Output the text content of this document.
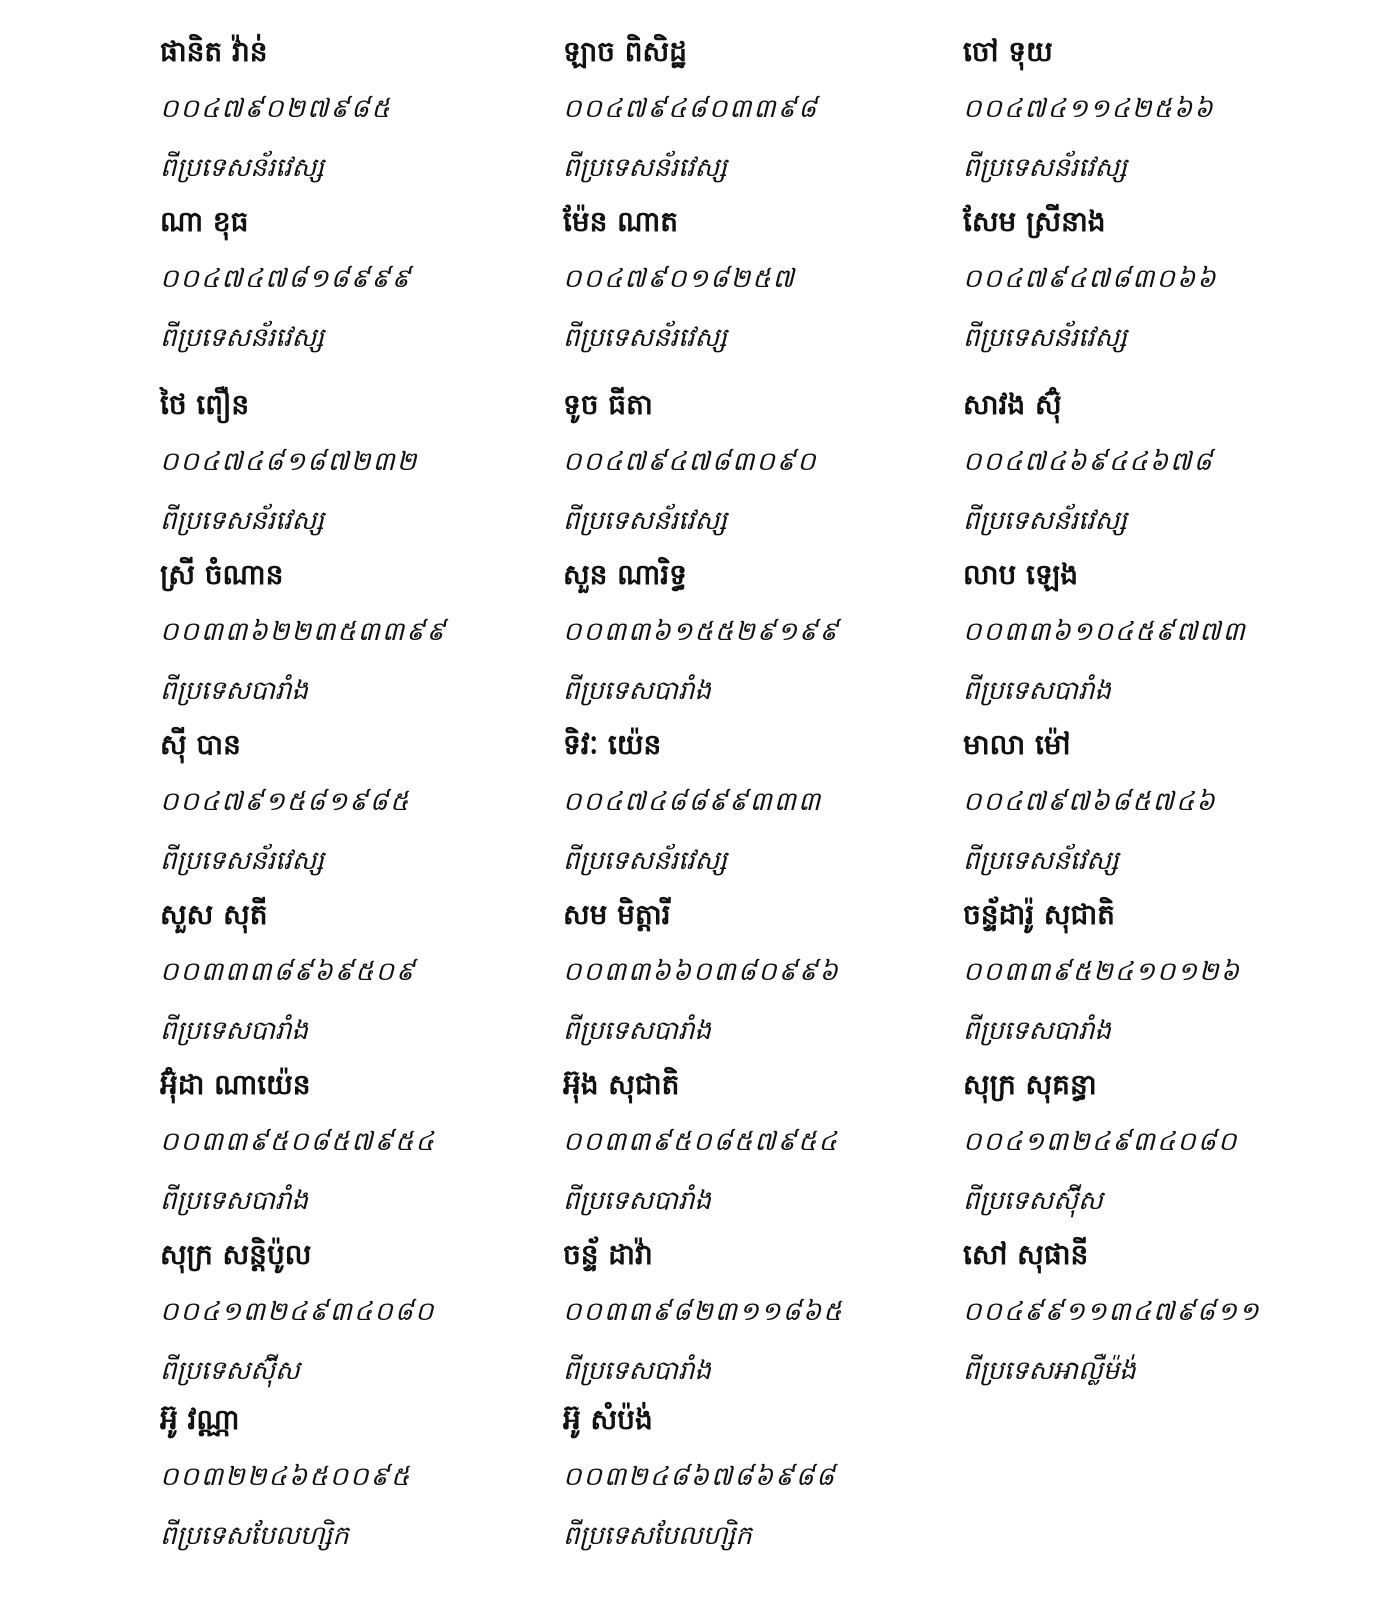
ផានិត វ៉ាន់
០០៤៧៩០២៧៩៨៥
ពីប្រទេសន័រវេស្ស
ឡាច ពិសិដ្ឋ
០០៤៧៩៤៨០៣៣៩៨
ពីប្រទេសន័រវេស្ស
ចៅ ទុយ
០០៤៧៤១១៤២៥៦៦
ពីប្រទេសន័រវេស្ស
ណា ខុធ
០០៤៧៤៧៨១៨៩៩៩
ពីប្រទេសន័រវេស្ស
ម៉ែន ណាត
០០៤៧៩០១៨២៥៧
ពីប្រទេសន័រវេស្ស
សែម ស្រីនាង
០០៤៧៩៤៧៨៣០៦៦
ពីប្រទេសន័រវេស្ស
ថៃ ពឿន
០០៤៧៤៨១៨៧២៣២
ពីប្រទេសន័រវេស្ស
ទូច ធីតា
០០៤៧៩៤៧៨៣០៩០
ពីប្រទេសន័រវេស្ស
សាវង ស៊ុំ
០០៤៧៤៦៩៤៤៦៧៨
ពីប្រទេសន័រវេស្ស
ស្រី ចំណាន
០០៣៣៦២២៣៥៣៣៩៩
ពីប្រទេសបារាំង
សួន ណារិទ្ធ
០០៣៣៦១៥៥២៩១៩៩
ពីប្រទេសបារាំង
លាប ឡេង
០០៣៣៦១០៤៥៩៧៧៣
ពីប្រទេសបារាំង
ស៊ី បាន
០០៤៧៩១៥៨១៩៨៥
ពីប្រទេសន័រវេស្ស
ទិវៈ យ៉េន
០០៤៧៤៨៨៩៩៣៣៣
ពីប្រទេសន័រវេស្ស
មាលា ម៉ៅ
០០៤៧៩៧៦៨៥៧៤៦
ពីប្រទេសន័វេស្ស
សួស សុតី
០០៣៣៣៨៩៦៩៥០៩
ពីប្រទេសបារាំង
សម មិត្តារី
០០៣៣៦៦០៣៨០៩៩៦
ពីប្រទេសបារាំង
ចន្ទ័ដារ៉ូ សុជាតិ
០០៣៣៩៥២៤១០១២៦
ពីប្រទេសបារាំង
អ៊ុំដា ណាយ៉េន
០០៣៣៩៥០៨៥៧៩៥៤
ពីប្រទេសបារាំង
អ៊ុង សុជាតិ
០០៣៣៩៥០៨៥៧៩៥៤
ពីប្រទេសបារាំង
សុក្រ សុគន្ធា
០០៤១៣២៤៩៣៤០៨០
ពីប្រទេសស៊ុីស
សុក្រ សន្តិប៉ូល
០០៤១៣២៤៩៣៤០៨០
ពីប្រទេសស៊ុីស
ចន្ទ័ ដាវ៉ា
០០៣៣៩៨២៣១១៨៦៥
ពីប្រទេសបារាំង
សៅ សុផានី
០០៤៩៩១១៣៤៧៩៨១១
ពីប្រទេសអាល្លឺម៉ង់
អ៊ូ វណ្ណា
០០៣២២៤៦៥០០៩៥
ពីប្រទេសបែលហ្សិក
អ៊ូ សំប៉ង់
០០៣២៤៨៦៧៨៦៩៨៨
ពីប្រទេសបែលហ្សិក
